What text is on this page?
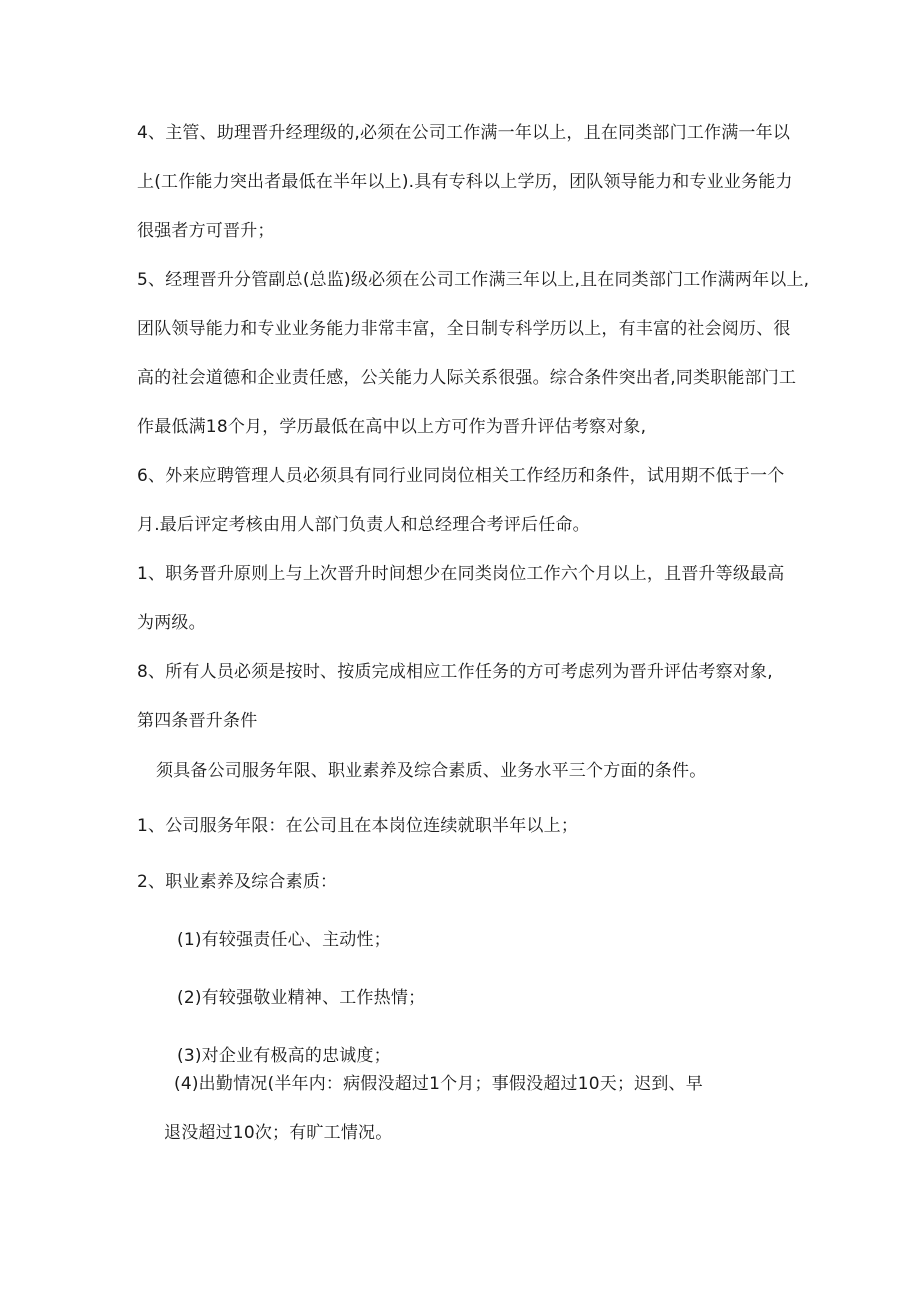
4、主管、助理晋升经理级的,必须在公司工作满一年以上，且在同类部门工作满一年以
上(工作能力突出者最低在半年以上).具有专科以上学历，团队领导能力和专业业务能力
很强者方可晋升；
5、经理晋升分管副总(总监)级必须在公司工作满三年以上,且在同类部门工作满两年以上,
团队领导能力和专业业务能力非常丰富，全日制专科学历以上，有丰富的社会阅历、很
高的社会道德和企业责任感，公关能力人际关系很强。综合条件突出者,同类职能部门工
作最低满18个月，学历最低在高中以上方可作为晋升评估考察对象,
6、外来应聘管理人员必须具有同行业同岗位相关工作经历和条件，试用期不低于一个
月.最后评定考核由用人部门负责人和总经理合考评后任命。
1、职务晋升原则上与上次晋升时间想少在同类岗位工作六个月以上，且晋升等级最高
为两级。
8、所有人员必须是按时、按质完成相应工作任务的方可考虑列为晋升评估考察对象,
第四条晋升条件
须具备公司服务年限、职业素养及综合素质、业务水平三个方面的条件。
1、公司服务年限：在公司且在本岗位连续就职半年以上；
2、职业素养及综合素质：
(1)有较强责任心、主动性；
(2)有较强敬业精神、工作热情；
(3)对企业有极高的忠诚度；
(4)出勤情况(半年内：病假没超过1个月；事假没超过10天；迟到、早
退没超过10次；有旷工情况。
